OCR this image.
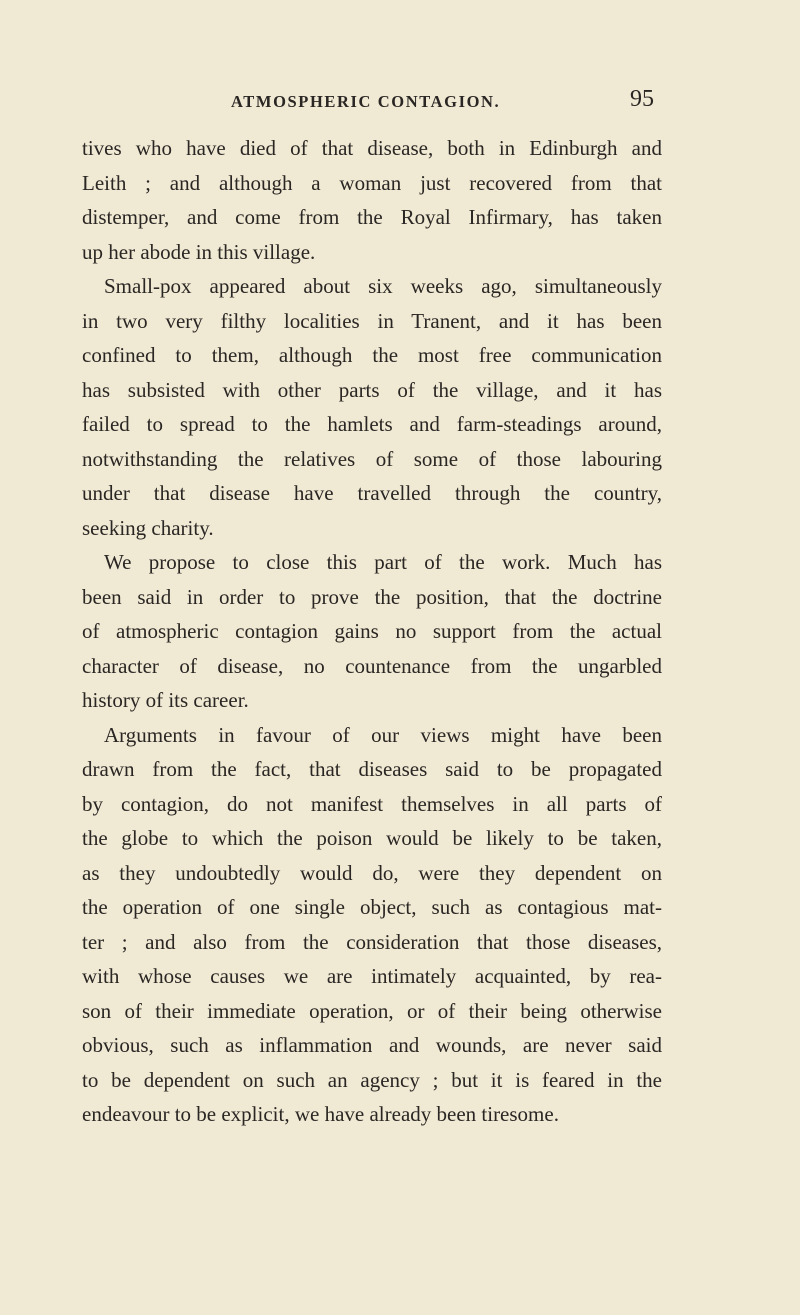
ATMOSPHERIC CONTAGION.	95
tives who have died of that disease, both in Edinburgh and
Leith ; and although a woman just recovered from that
distemper, and come from the Royal Infirmary, has taken
up her abode in this village.
Small-pox appeared about six weeks ago, simultaneously
in two very filthy localities in Tranent, and it has been
confined to them, although the most free communication
has subsisted with other parts of the village, and it has
failed to spread to the hamlets and farm-steadings around,
notwithstanding the relatives of some of those labouring
under that disease have travelled through the country,
seeking charity.
We propose to close this part of the work. Much has
been said in order to prove the position, that the doctrine
of atmospheric contagion gains no support from the actual
character of disease, no countenance from the ungarbled
history of its career.
Arguments in favour of our views might have been
drawn from the fact, that diseases said to be propagated
by contagion, do not manifest themselves in all parts of
the globe to which the poison would be likely to be taken,
as they undoubtedly would do, were they dependent on
the operation of one single object, such as contagious mat-
ter ; and also from the consideration that those diseases,
with whose causes we are intimately acquainted, by rea-
son of their immediate operation, or of their being otherwise
obvious, such as inflammation and wounds, are never said
to be dependent on such an agency ; but it is feared in the
endeavour to be explicit, we have already been tiresome.
